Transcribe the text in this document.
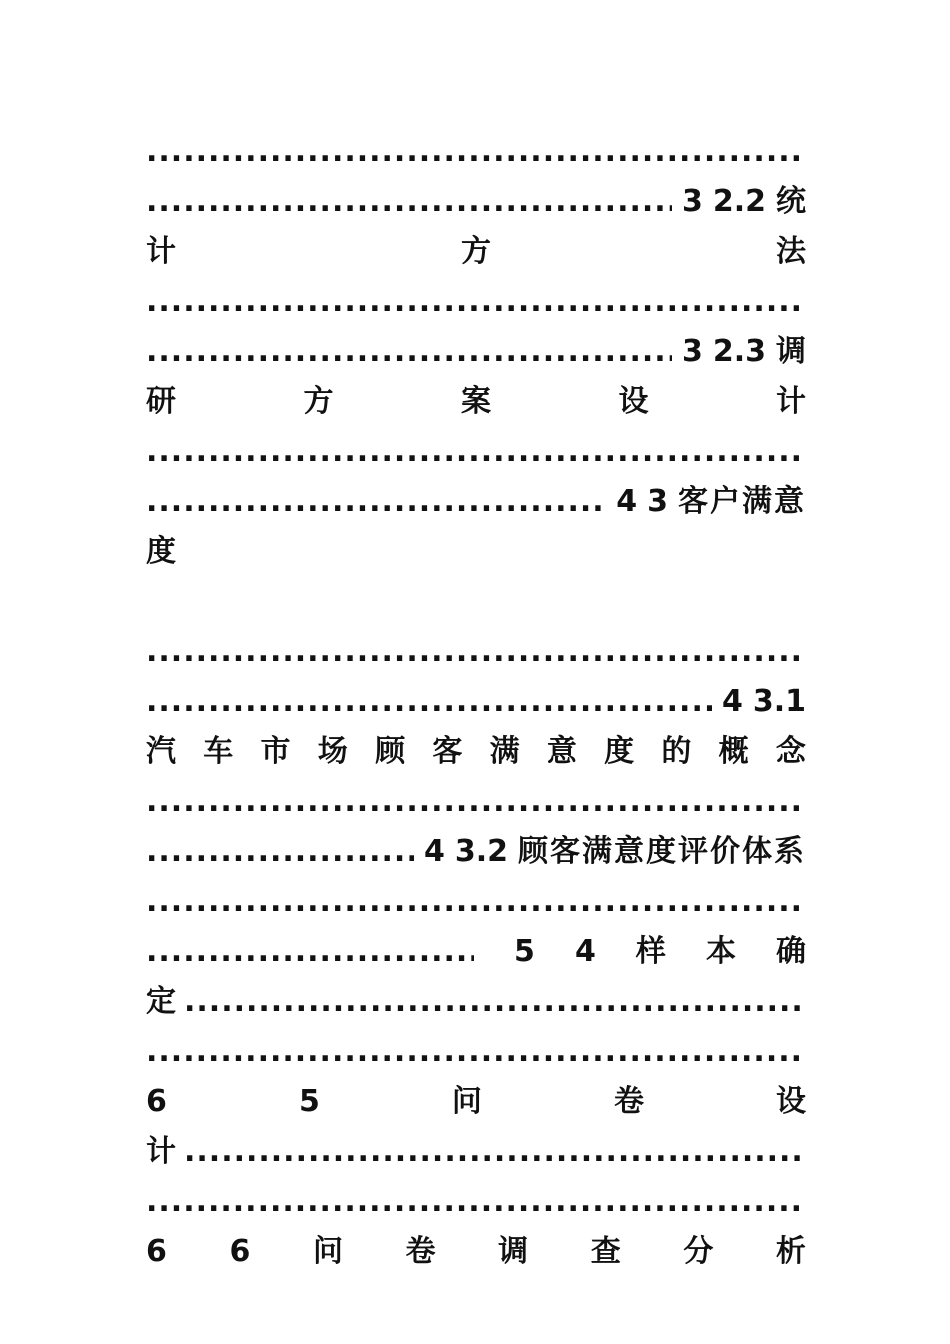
.....
.....
3 2.2 统
计	方	法
.....
.....
3 2.3 调
研	方	案	设	计
.....
.....
4 3 客户满意
度
.....
.....
4 3.1
汽 车 市 场 顾 客 满 意 度 的 概 念
.....
.....
4 3.2 顾客满意度评价体系
.....
.....
5 4 样 本 确
定
.....
.....
6	5	问	卷	设
计
.....
.....
6 6 问 卷 调 查 分 析
